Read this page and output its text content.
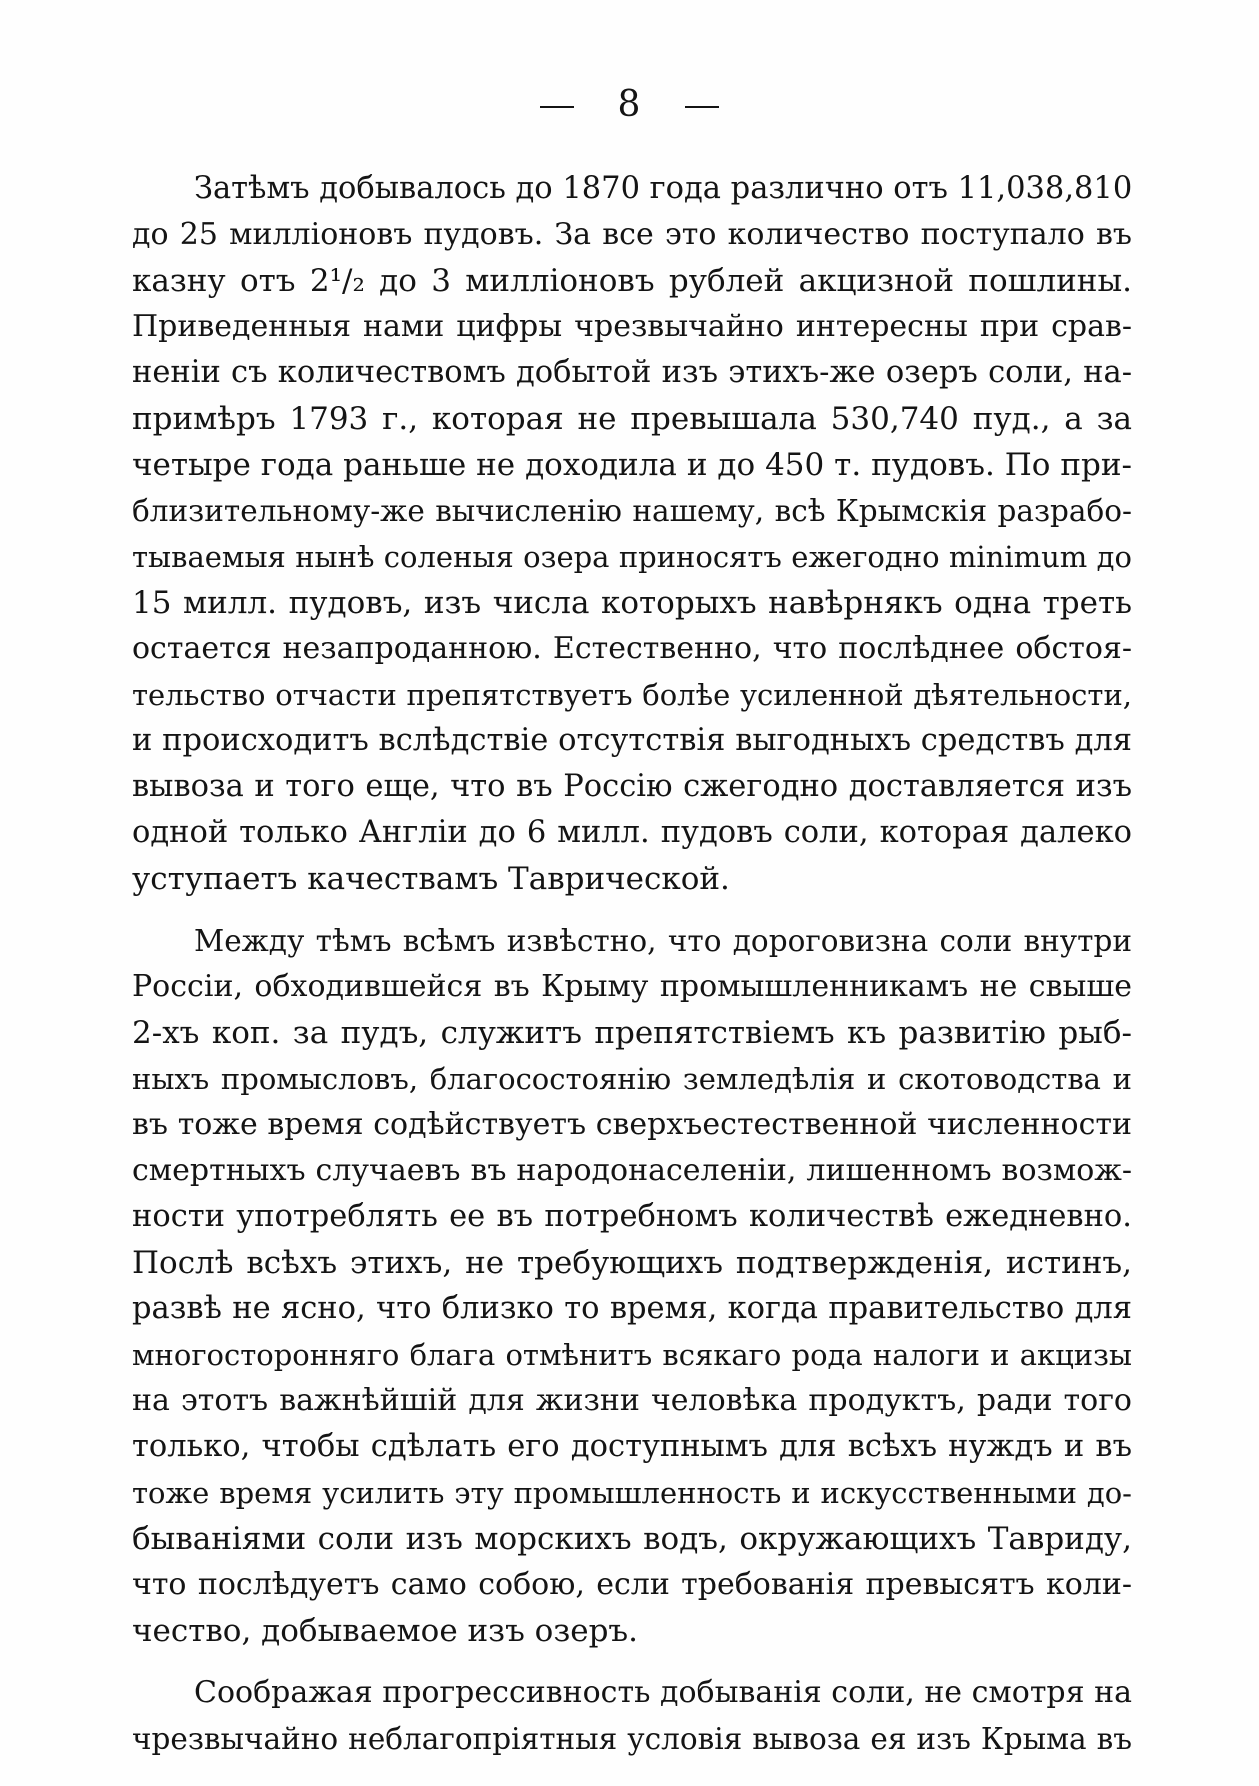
8
Затѣмъ добывалось до 1870 года различно отъ 11,038,810
до 25 милліоновъ пудовъ. За все это количество поступало въ
казну отъ 2¹/₂ до 3 милліоновъ рублей акцизной пошлины.
Приведенныя нами цифры чрезвычайно интересны при срав-
неніи съ количествомъ добытой изъ этихъ-же озеръ соли, на-
примѣръ 1793 г., которая не превышала 530,740 пуд., а за
четыре года раньше не доходила и до 450 т. пудовъ. По при-
близительному-же вычисленію нашему, всѣ Крымскія разрабо-
тываемыя нынѣ соленыя озера приносятъ ежегодно minimum до
15 милл. пудовъ, изъ числа которыхъ навѣрнякъ одна треть
остается незапроданною. Естественно, что послѣднее обстоя-
тельство отчасти препятствуетъ болѣе усиленной дѣятельности,
и происходитъ вслѣдствіе отсутствія выгодныхъ средствъ для
вывоза и того еще, что въ Россію сжегодно доставляется изъ
одной только Англіи до 6 милл. пудовъ соли, которая далеко
уступаетъ качествамъ Таврической.
Между тѣмъ всѣмъ извѣстно, что дороговизна соли внутри
Россіи, обходившейся въ Крыму промышленникамъ не свыше
2-хъ коп. за пудъ, служитъ препятствіемъ къ развитію рыб-
ныхъ промысловъ, благосостоянію земледѣлія и скотоводства и
въ тоже время содѣйствуетъ сверхъестественной численности
смертныхъ случаевъ въ народонаселеніи, лишенномъ возмож-
ности употреблять ее въ потребномъ количествѣ ежедневно.
Послѣ всѣхъ этихъ, не требующихъ подтвержденія, истинъ,
развѣ не ясно, что близко то время, когда правительство для
многосторонняго блага отмѣнитъ всякаго рода налоги и акцизы
на этотъ важнѣйшій для жизни человѣка продуктъ, ради того
только, чтобы сдѣлать его доступнымъ для всѣхъ нуждъ и въ
тоже время усилить эту промышленность и искусственными до-
быванiями соли изъ морскихъ водъ, окружающихъ Тавриду,
что послѣдуетъ само собою, если требованія превысятъ коли-
чество, добываемое изъ озеръ.
Соображая прогрессивность добыванія соли, не смотря на
чрезвычайно неблагопріятныя условія вывоза ея изъ Крыма въ
